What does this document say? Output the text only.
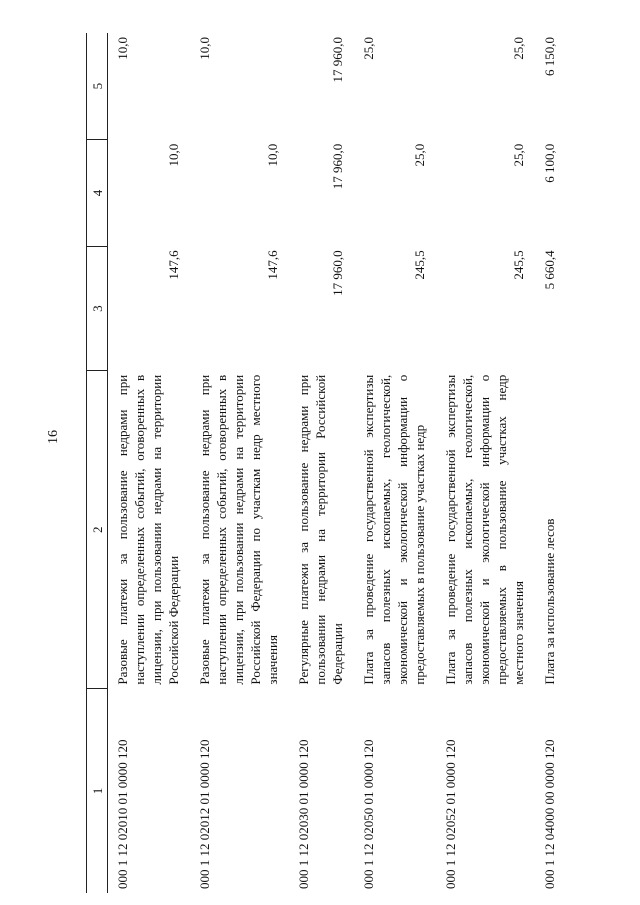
16
1	2	3	4	5
000 1 12 02010 01 0000 120	Разовые платежи за пользование недрами при наступлении определенных событий, оговоренных в лицензии, при пользовании недрами на территории Российской Федерации	147,6	10,0	10,0
000 1 12 02012 01 0000 120	Разовые платежи за пользование недрами при наступлении определенных событий, оговоренных в лицензии, при пользовании недрами на территории Российской Федерации по участкам недр местного значения	147,6	10,0	10,0
000 1 12 02030 01 0000 120	Регулярные платежи за пользование недрами при пользовании недрами на территории Российской Федерации	17 960,0	17 960,0	17 960,0
000 1 12 02050 01 0000 120	Плата за проведение государственной экспертизы запасов полезных ископаемых, геологической, экономической и экологической информации о предоставляемых в пользование участках недр	245,5	25,0	25,0
000 1 12 02052 01 0000 120	Плата за проведение государственной экспертизы запасов полезных ископаемых, геологической, экономической и экологической информации о предоставляемых в пользование участках недр местного значения	245,5	25,0	25,0
000 1 12 04000 00 0000 120	Плата за использование лесов	5 660,4	6 100,0	6 150,0
